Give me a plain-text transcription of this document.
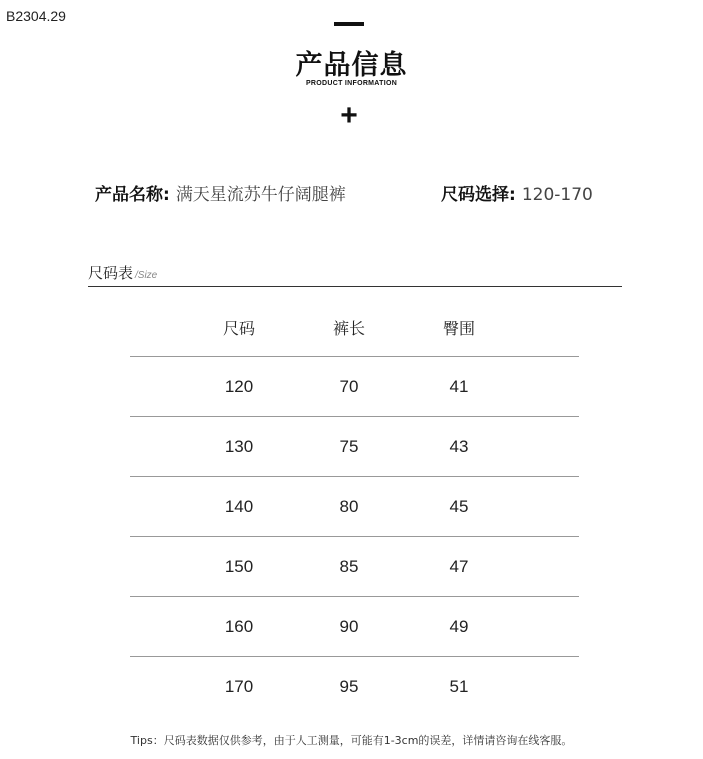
B2304.29
产品信息
PRODUCT INFORMATION
+
产品名称: 满天星流苏牛仔阔腿裤	尺码选择: 120-170
尺码表 /Size
尺码	裤长	臀围
120	70	41
130	75	43
140	80	45
150	85	47
160	90	49
170	95	51
Tips：尺码表数据仅供参考，由于人工测量，可能有1-3cm的误差，详情请咨询在线客服。
